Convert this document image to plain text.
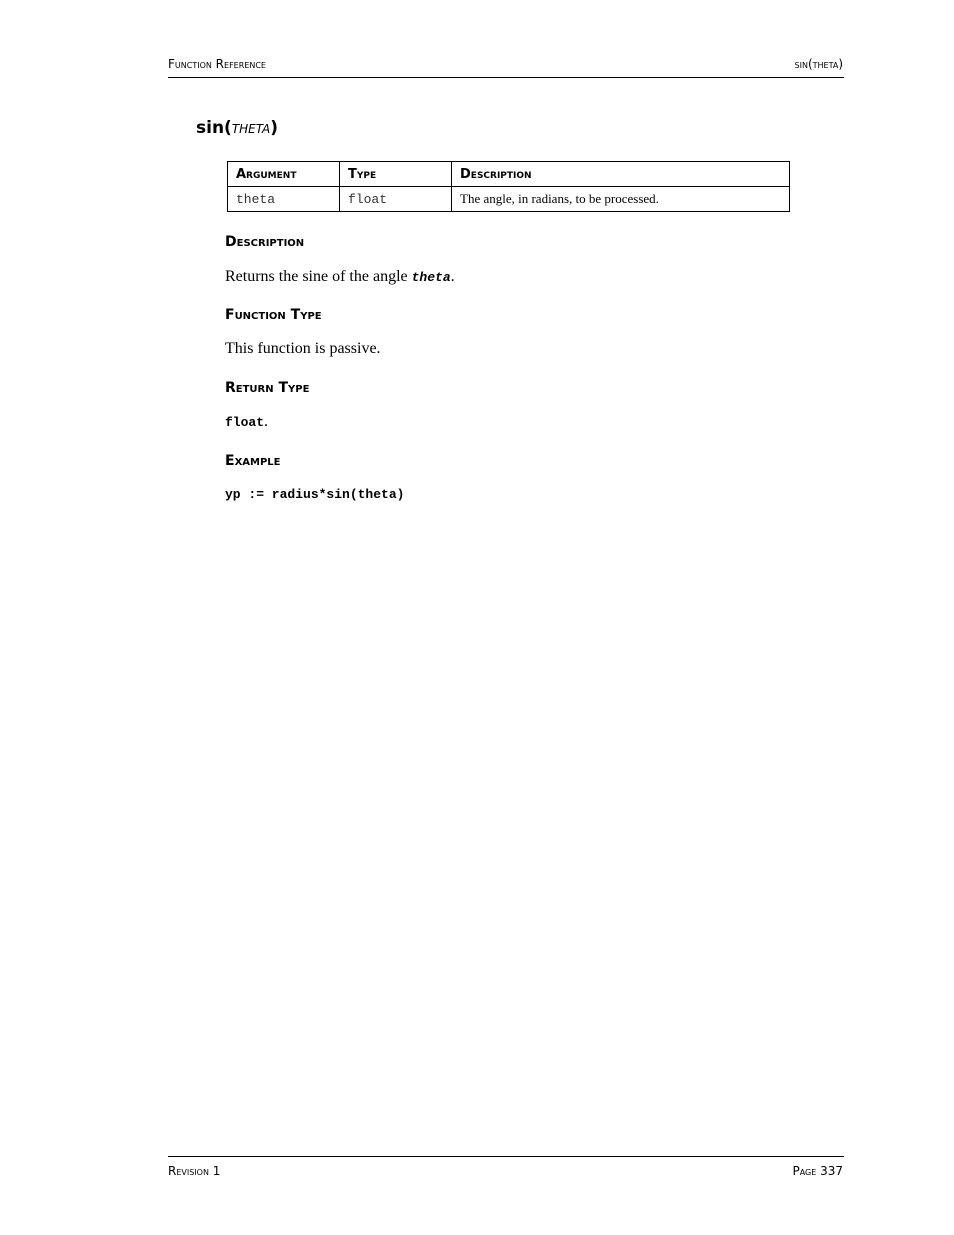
Function Reference	sin(theta)
sin(theta)
Argument	Type	Description
theta	float	The angle, in radians, to be processed.
Description

Returns the sine of the angle theta.

Function Type

This function is passive.

Return Type

float.

Example

yp := radius*sin(theta)

Revision 1	Page 337
